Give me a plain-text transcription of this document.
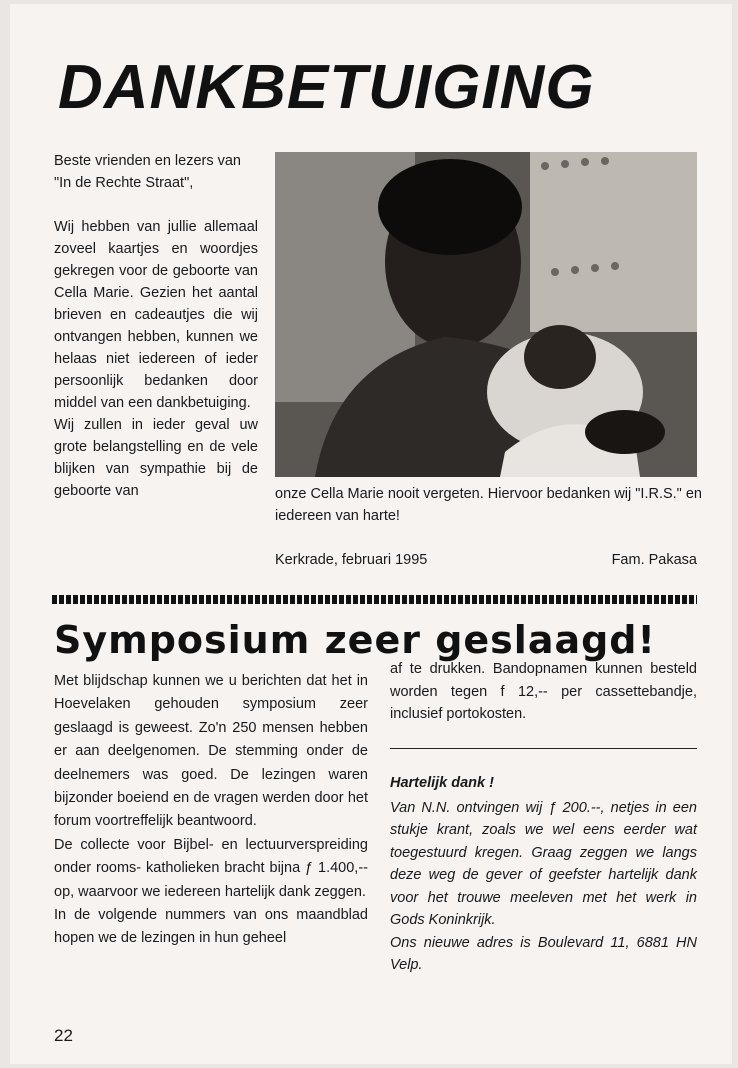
DANKBETUIGING

Beste vrienden en lezers van "In de Rechte Straat",

Wij hebben van jullie allemaal zoveel kaartjes en woordjes gekregen voor de geboorte van Cella Marie. Gezien het aantal brieven en cadeautjes die wij ontvangen hebben, kunnen we helaas niet iedereen of ieder persoonlijk bedanken door middel van een dankbetuiging.

Wij zullen in ieder geval uw grote belangstelling en de vele blijken van sympathie bij de geboorte van	onze Cella Marie nooit vergeten. Hiervoor bedanken wij "I.R.S." en iedereen van harte!

Kerkrade, februari 1995	Fam. Pakasa
Symposium zeer geslaagd!

Met blijdschap kunnen we u berichten dat het in Hoevelaken gehouden symposium zeer geslaagd is geweest. Zo'n 250 mensen hebben er aan deelgenomen. De stemming onder de deelnemers was goed. De lezingen waren bijzonder boeiend en de vragen werden door het forum voortreffelijk beantwoord.

De collecte voor Bijbel- en lectuurverspreiding onder rooms- katholieken bracht bijna ƒ 1.400,-- op, waarvoor we iedereen hartelijk dank zeggen.

In de volgende nummers van ons maandblad hopen we de lezingen in hun geheel

af te drukken. Bandopnamen kunnen besteld worden tegen f 12,-- per cassettebandje, inclusief portokosten.

Hartelijk dank !

Van N.N. ontvingen wij ƒ 200.--, netjes in een stukje krant, zoals we wel eens eerder wat toegestuurd kregen. Graag zeggen we langs deze weg de gever of geefster hartelijk dank voor het trouwe meeleven met het werk in Gods Koninkrijk.

Ons nieuwe adres is Boulevard 11, 6881 HN Velp.

22
